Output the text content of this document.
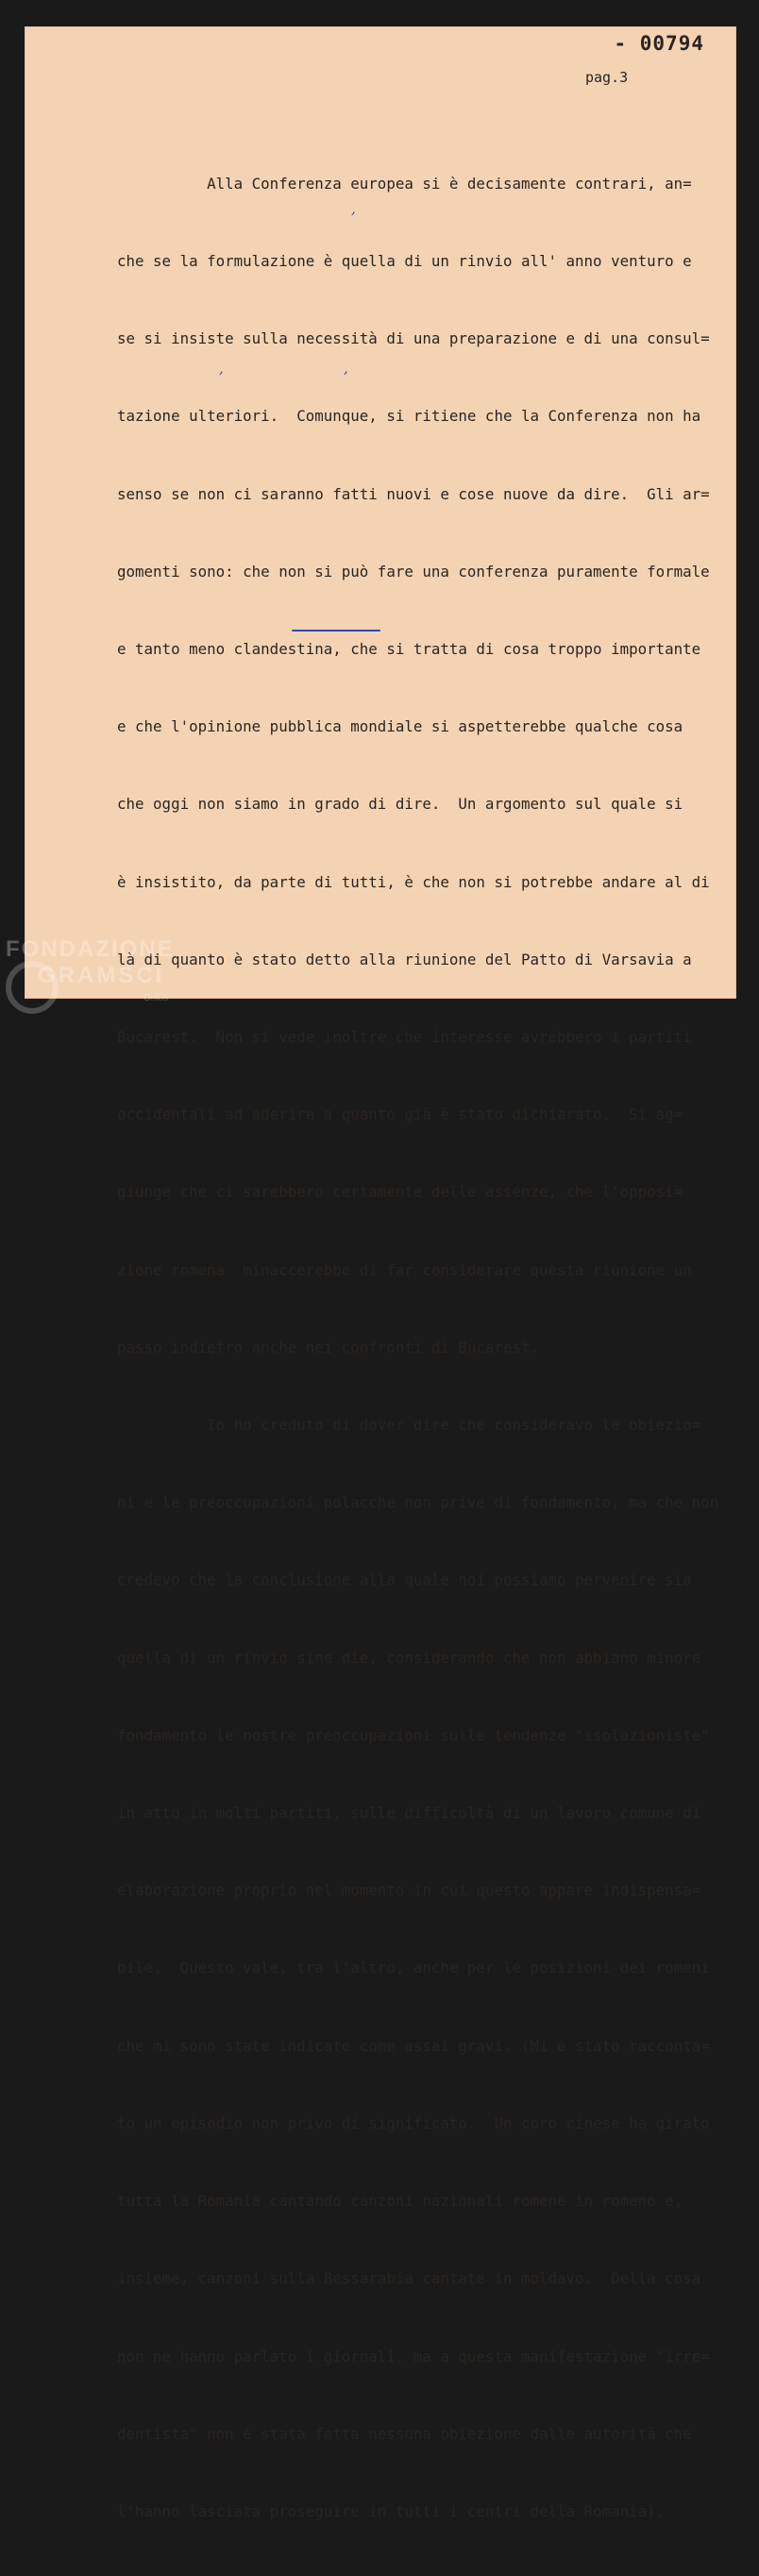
- 00794
pag.3

Alla Conferenza europea si è decisamente contrari, an=

che se la formulazione è quella di un rinvio all' anno venturo e

se si insiste sulla necessità di una preparazione e di una consul=

tazione ulteriori.  Comunque, si ritiene che la Conferenza non ha

senso se non ci saranno fatti nuovi e cose nuove da dire.  Gli ar=

gomenti sono: che non si può fare una conferenza puramente formale

e tanto meno clandestina, che si tratta di cosa troppo importante

e che l'opinione pubblica mondiale si aspetterebbe qualche cosa

che oggi non siamo in grado di dire.  Un argomento sul quale si

è insistito, da parte di tutti, è che non si potrebbe andare al di

là di quanto è stato detto alla riunione del Patto di Varsavia a

Bucarest.  Non si vede inoltre che interesse avrebbero i partiti

occidentali ad aderire a quanto già è stato dichiarato.  Si ag=

giunge che ci sarebbero certamente delle assenze, che l'opposi=

zione romena  minaccerebbe di far considerare questa riunione un

passo indietro anche nei confronti di Bucarest.

Io ho creduto di dover dire che consideravo le obiezio=

ni e le preoccupazioni polacche non prive di fondamento, ma che non

credevo che la conclusione alla quale noi possiamo pervenire sia

quella di un rinvio sine die, considerando che non abbiano minore

fondamento le nostre preoccupazioni sulle tendenze "isolazioniste"

in atto in molti partiti, sulle difficoltà di un lavoro comune di

elaborazione proprio nel momento in cui questo appare indispensa=

bile.  Questo vale, tra l'altro, anche per le posizioni dei romeni

che mi sono state indicate come assai gravi. (Mi è stato racconta=

to un episodio non privo di significato.  Un coro cinese ha girato

tutta la Romania cantando canzoni nazionali romene in romeno e,

insieme, canzoni sulla Bessarabia cantate in moldavo.  Della cosa

non ne hanno parlato i giornali, ma a questa manifestazione "irre=

dentista" non è stata fatta nessuna obiezione dalle autorità che

l'hanno lasciata proseguire in tutti i centri della Romania).

,
,	,
FONDAZIONE
GRAMSCI
Onlus
